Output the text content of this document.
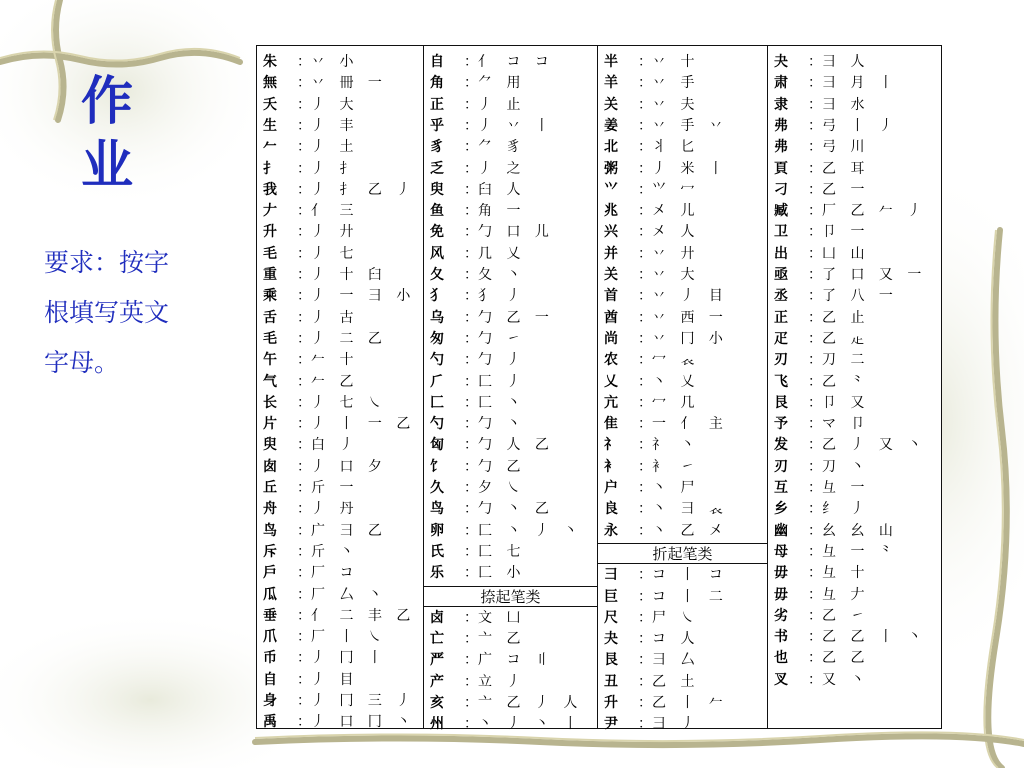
作
业
要求：按字
根填写英文
字母。
朱 ：丷 小
無 ：丷 冊 一
夭 ：丿 大
生 ：丿 丰
𠂉 ：丿 土
扌 ：丿 扌
我 ：丿 扌 乙 丿
𠂇 ：亻 三
升 ：丿 廾
毛 ：丿 七
重 ：丿 十 臼
乘 ：丿 一 彐 小
舌 ：丿 古
毛 ：丿 二 乙
午 ：𠂉 十
气 ：𠂉 乙
长 ：丿 七 ㇏
片 ：丿 丨 一 乙
臾 ：白 丿
囱 ：丿 口 夕
丘 ：斤 一
舟 ：丿 丹
鸟 ：广 彐 乙
斥 ：斤 丶
戶 ：厂 コ
瓜 ：厂 厶 丶
垂 ：亻 二 丰 乙
爪 ：厂 丨 ㇏
币 ：丿 冂 丨
自 ：丿 目
身 ：丿 冂 三 丿
禹 ：丿 口 冂 丶
自 ：亻 コ コ
角 ：⺈ 用
正 ：丿 止
乎 ：丿 丷 丨
豸 ：⺈ 豸
乏 ：丿 之
臾 ：臼 人
鱼 ：角 一
免 ：勹 口 儿
风 ：几 乂
夂 ：夂 丶
犭 ：犭 丿
乌 ：勹 乙 一
匆 ：勹 ㇀
勺 ：勹 丿
⺁ ：匚 丿
匚 ：匚 丶
勺 ：勹 丶
匈 ：勹 人 乙
饣 ：勹 乙
久 ：夕 ㇏
鸟 ：勹 丶 乙
卵 ：匚 丶 丿 丶
氏 ：匚 七
乐 ：匚 小
捺起笔类
卤 ：文 凵
亡 ：亠 乙
严 ：广 コ 〢
产 ：立 丿
亥 ：亠 乙 丿 人
州 ：丶 丿 丶 丨
半 ：丷 十
羊 ：丷 手
关 ：丷 夫
姜 ：丷 手 丷
北 ：丬 匕
粥 ：丿 米 丨
⺍ ：⺍ 冖
兆 ：㐅 儿
兴 ：㐅 人
并 ：丷 廾
关 ：丷 大
首 ：丷 丿 目
酋 ：丷 西 一
尚 ：丷 冂 小
农 ：冖 𧘇
乂 ：丶 乂
亢 ：冖 几
隹 ：一 亻 主
礻 ：礻 丶
衤 ：衤 ㇀
户 ：丶 尸
良 ：丶 彐 𧘇
永 ：丶 乙 㐅
折起笔类
⺕ ：コ 丨 コ
巨 ：コ 丨 二
尺 ：尸 ㇏
夬 ：コ 人
艮 ：彐 厶
丑 ：乙 土
升 ：乙 丨 𠂉
尹 ：彐 丿
夬 ：彐 人
肃 ：彐 月 丨
隶 ：彐 水
弗 ：弓 丨 丿
弗 ：弓 川
頁 ：乙 耳
刁 ：乙 一
臧 ：厂 乙 𠂉 丿
卫 ：卩 一
出 ：凵 山
亟 ：了 口 又 一
丞 ：了 八 一
正 ：乙 止
疋 ：乙 龰
刃 ：刀 二
飞 ：乙 ⺀
艮 ：卩 又
予 ：マ 卩
发 ：乙 丿 又 丶
刃 ：刀 丶
互 ：彑 一
乡 ：纟 丿
幽 ：幺 幺 山
母 ：彑 一 ⺀
毋 ：彑 十
毋 ：彑 𠂇
劣 ：乙 ㇀
书 ：乙 乙 丨 丶
也 ：乙 乙
叉 ：又 丶
